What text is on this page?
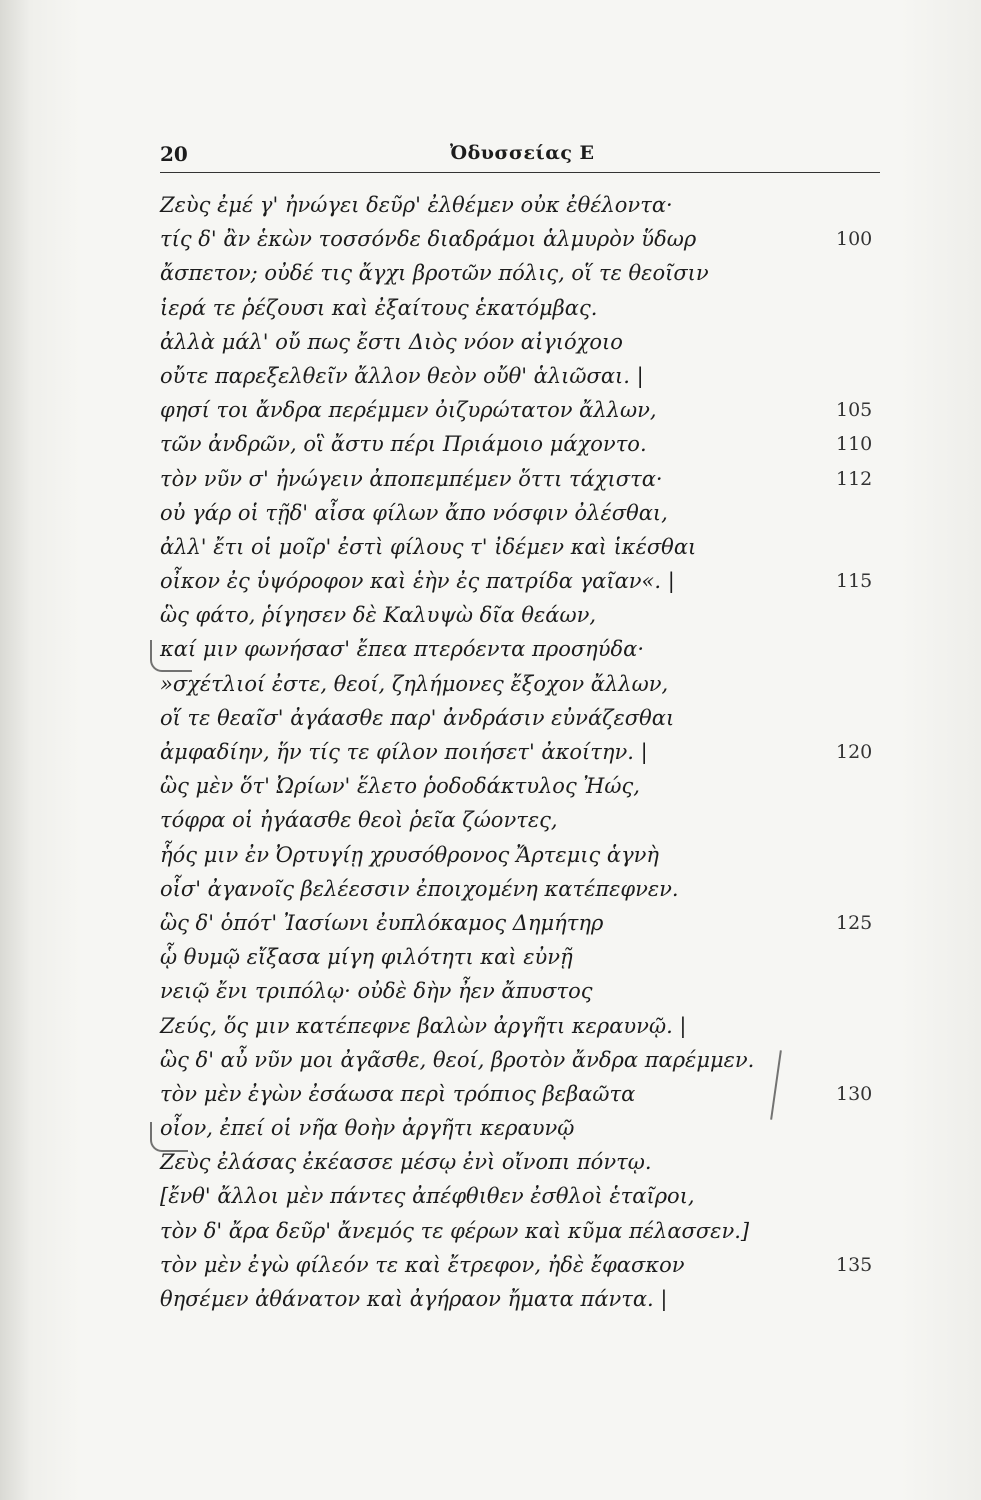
20	Ὀδυσσείας Ε
Ζεὺς ἐμέ γ' ἠνώγει δεῦρ' ἐλθέμεν οὐκ ἐθέλοντα·
τίς δ' ἂν ἑκὼν τοσσόνδε διαδράμοι ἁλμυρὸν ὕδωρ	100
ἄσπετον; οὐδέ τις ἄγχι βροτῶν πόλις, οἵ τε θεοῖσιν
ἱερά τε ῥέζουσι καὶ ἐξαίτους ἑκατόμβας.
ἀλλὰ μάλ' οὔ πως ἔστι Διὸς νόον αἰγιόχοιο
οὔτε παρεξελθεῖν ἄλλον θεὸν οὔθ' ἁλιῶσαι. |
φησί τοι ἄνδρα περέμμεν ὀιζυρώτατον ἄλλων,	105
τῶν ἀνδρῶν, οἳ ἄστυ πέρι Πριάμοιο μάχοντο.	110
τὸν νῦν σ' ἠνώγειν ἀποπεμπέμεν ὅττι τάχιστα·	112
οὐ γάρ οἱ τῇδ' αἶσα φίλων ἄπο νόσφιν ὀλέσθαι,
ἀλλ' ἔτι οἱ μοῖρ' ἐστὶ φίλους τ' ἰδέμεν καὶ ἱκέσθαι
οἶκον ἐς ὑψόροφον καὶ ἑὴν ἐς πατρίδα γαῖαν«. |	115
ὣς φάτο, ῥίγησεν δὲ Καλυψὼ δῖα θεάων,
καί μιν φωνήσασ' ἔπεα πτερόεντα προσηύδα·
»σχέτλιοί ἐστε, θεοί, ζηλήμονες ἔξοχον ἄλλων,
οἵ τε θεαῖσ' ἀγάασθε παρ' ἀνδράσιν εὐνάζεσθαι
ἀμφαδίην, ἥν τίς τε φίλον ποιήσετ' ἀκοίτην. |	120
ὣς μὲν ὅτ' Ὠρίων' ἕλετο ῥοδοδάκτυλος Ἠώς,
τόφρα οἱ ἠγάασθε θεοὶ ῥεῖα ζώοντες,
ἧός μιν ἐν Ὀρτυγίῃ χρυσόθρονος Ἄρτεμις ἁγνὴ
οἷσ' ἀγανοῖς βελέεσσιν ἐποιχομένη κατέπεφνεν.
ὣς δ' ὁπότ' Ἰασίωνι ἐυπλόκαμος Δημήτηρ	125
ᾧ θυμῷ εἴξασα μίγη φιλότητι καὶ εὐνῇ
νειῷ ἔνι τριπόλῳ· οὐδὲ δὴν ἦεν ἄπυστος
Ζεύς, ὅς μιν κατέπεφνε βαλὼν ἀργῆτι κεραυνῷ. |
ὣς δ' αὖ νῦν μοι ἀγᾶσθε, θεοί, βροτὸν ἄνδρα παρέμμεν.
τὸν μὲν ἐγὼν ἐσάωσα περὶ τρόπιος βεβαῶτα	130
οἶον, ἐπεί οἱ νῆα θοὴν ἀργῆτι κεραυνῷ
Ζεὺς ἐλάσας ἐκέασσε μέσῳ ἐνὶ οἴνοπι πόντῳ.
[ἔνθ' ἄλλοι μὲν πάντες ἀπέφθιθεν ἐσθλοὶ ἑταῖροι,
τὸν δ' ἄρα δεῦρ' ἄνεμός τε φέρων καὶ κῦμα πέλασσεν.]
τὸν μὲν ἐγὼ φίλεόν τε καὶ ἔτρεφον, ἠδὲ ἔφασκον	135
θησέμεν ἀθάνατον καὶ ἀγήραον ἤματα πάντα. |
